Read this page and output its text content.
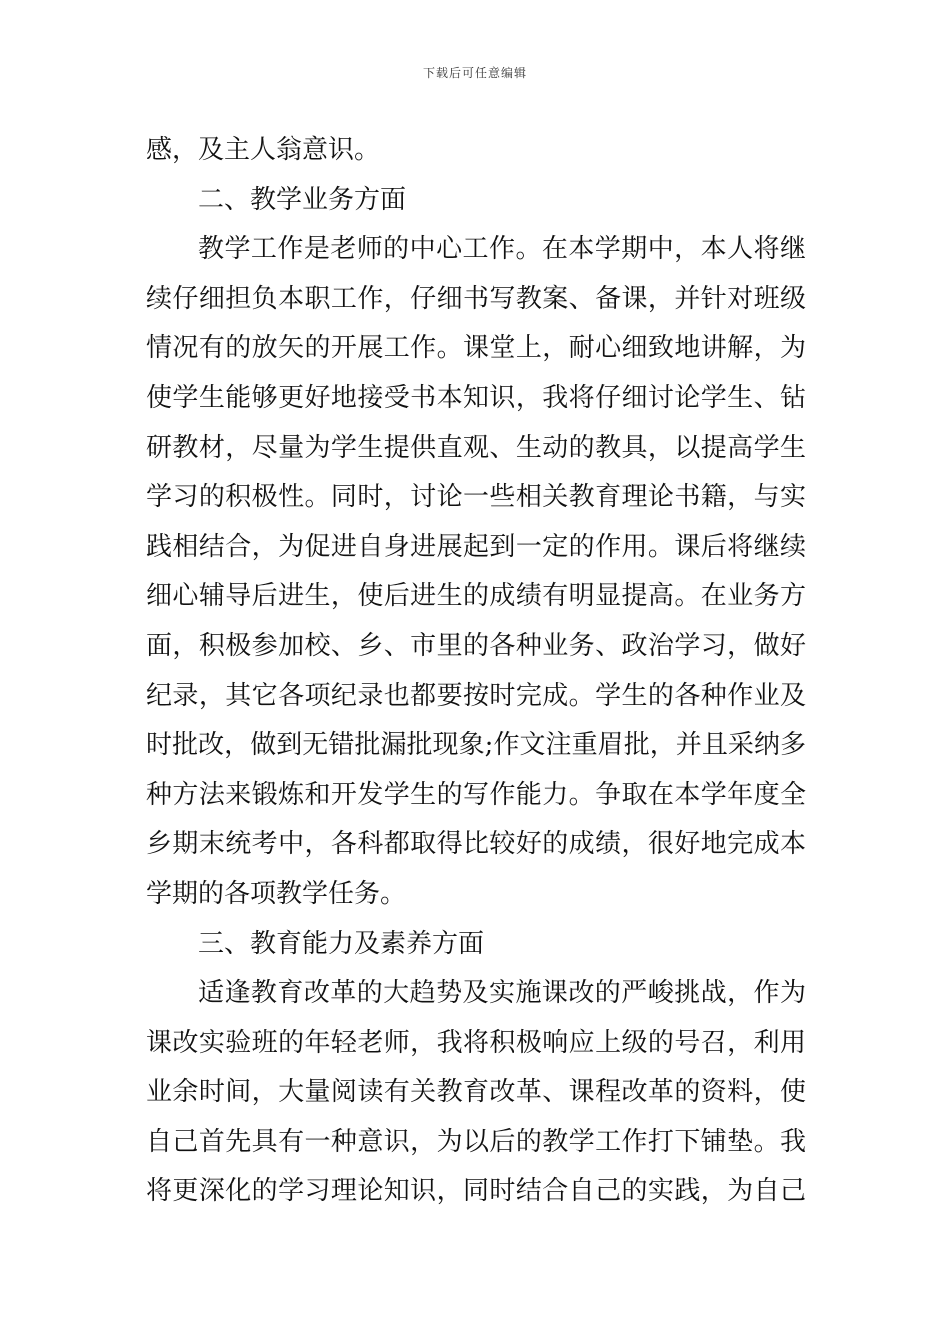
下载后可任意编辑
感，及主人翁意识。
二、教学业务方面
教学工作是老师的中心工作。在本学期中，本人将继
续仔细担负本职工作，仔细书写教案、备课，并针对班级
情况有的放矢的开展工作。课堂上，耐心细致地讲解，为
使学生能够更好地接受书本知识，我将仔细讨论学生、钻
研教材，尽量为学生提供直观、生动的教具，以提高学生
学习的积极性。同时，讨论一些相关教育理论书籍，与实
践相结合，为促进自身进展起到一定的作用。课后将继续
细心辅导后进生，使后进生的成绩有明显提高。在业务方
面，积极参加校、乡、市里的各种业务、政治学习，做好
纪录，其它各项纪录也都要按时完成。学生的各种作业及
时批改，做到无错批漏批现象;作文注重眉批，并且采纳多
种方法来锻炼和开发学生的写作能力。争取在本学年度全
乡期末统考中，各科都取得比较好的成绩，很好地完成本
学期的各项教学任务。
三、教育能力及素养方面
适逢教育改革的大趋势及实施课改的严峻挑战，作为
课改实验班的年轻老师，我将积极响应上级的号召，利用
业余时间，大量阅读有关教育改革、课程改革的资料，使
自己首先具有一种意识，为以后的教学工作打下铺垫。我
将更深化的学习理论知识，同时结合自己的实践，为自己
